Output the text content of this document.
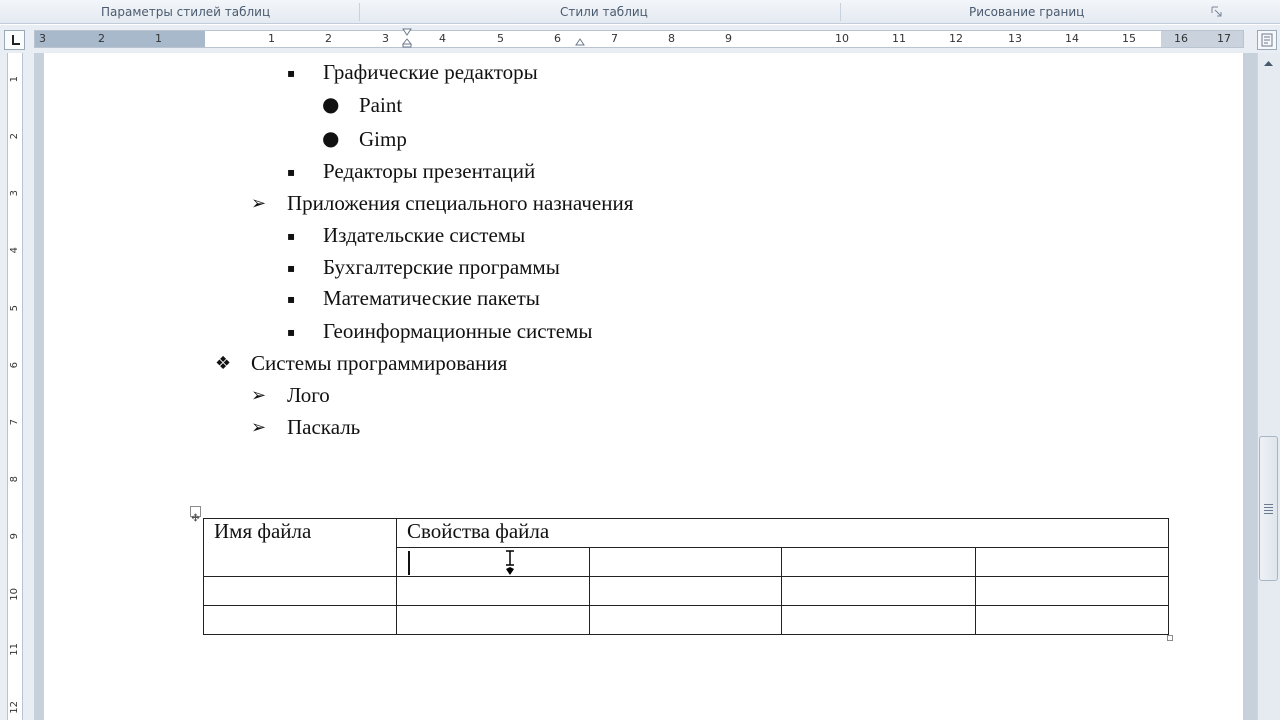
Параметры стилей таблиц	Стили таблиц	Рисование границ
3	2	1	1	2	3	4	5	6	7	8	9	10	11	12	13	14	15	16	17
1
2
3
4
5
6
7
8
9
10
11
12
▪ Графические редакторы
● Paint
● Gimp
▪ Редакторы презентаций
➢ Приложения специального назначения
▪ Издательские системы
▪ Бухгалтерские программы
▪ Математические пакеты
▪ Геоинформационные системы
❖ Системы программирования
➢ Лого
➢ Паскаль
Имя файла	Свойства файла			
